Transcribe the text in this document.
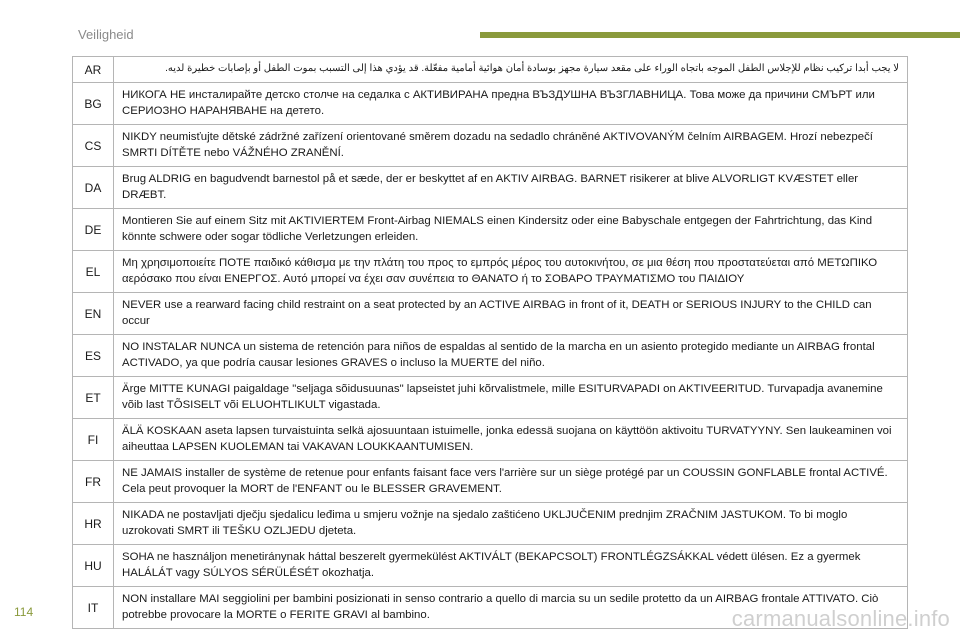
Veiligheid
AR	لا يجب أبدا تركيب نظام للإجلاس الطفل الموجه باتجاه الوراء على مقعد سيارة مجهز بوسادة أمان هوائية أمامية مفعّلة. قد يؤدي هذا إلى التسبب بموت الطفل أو بإصابات خطيرة لديه.
BG
НИКОГА НЕ инсталирайте детско столче на седалка с АКТИВИРАНА предна ВЪЗДУШНА ВЪЗГЛАВНИЦА. Това може да причини СМЪРТ или СЕРИОЗНО НАРАНЯВАНЕ на детето.
CS
NIKDY neumisťujte dětské zádržné zařízení orientované směrem dozadu na sedadlo chráněné AKTIVOVANÝM čelním AIRBAGEM. Hrozí nebezpečí SMRTI DÍTĚTE nebo VÁŽNÉHO ZRANĚNÍ.
DA
Brug ALDRIG en bagudvendt barnestol på et sæde, der er beskyttet af en AKTIV AIRBAG. BARNET risikerer at blive ALVORLIGT KVÆSTET eller DRÆBT.
DE
Montieren Sie auf einem Sitz mit AKTIVIERTEM Front-Airbag NIEMALS einen Kindersitz oder eine Babyschale entgegen der Fahrtrichtung, das Kind könnte schwere oder sogar tödliche Verletzungen erleiden.
EL
Μη χρησιμοποιείτε ΠΟΤΕ παιδικό κάθισμα με την πλάτη του προς το εμπρός μέρος του αυτοκινήτου, σε μια θέση που προστατεύεται από ΜΕΤΩΠΙΚΟ αερόσακο που είναι ΕΝΕΡΓΟΣ. Αυτό μπορεί να έχει σαν συνέπεια το ΘΑΝΑΤΟ ή το ΣΟΒΑΡΟ ΤΡΑΥΜΑΤΙΣΜΟ του ΠΑΙΔΙΟΥ
EN
NEVER use a rearward facing child restraint on a seat protected by an ACTIVE AIRBAG in front of it, DEATH or SERIOUS INJURY to the CHILD can occur
ES
NO INSTALAR NUNCA un sistema de retención para niños de espaldas al sentido de la marcha en un asiento protegido mediante un AIRBAG frontal ACTIVADO, ya que podría causar lesiones GRAVES o incluso la MUERTE del niño.
ET
Ärge MITTE KUNAGI paigaldage "seljaga sõidusuunas" lapseistet juhi kõrvalistmele, mille ESITURVAPADI on AKTIVEERITUD. Turvapadja avanemine võib last TÕSISELT või ELUOHTLIKULT vigastada.
FI
ÄLÄ KOSKAAN aseta lapsen turvaistuinta selkä ajosuuntaan istuimelle, jonka edessä suojana on käyttöön aktivoitu TURVATYYNY. Sen laukeaminen voi aiheuttaa LAPSEN KUOLEMAN tai VAKAVAN LOUKKAANTUMISEN.
FR
NE JAMAIS installer de système de retenue pour enfants faisant face vers l'arrière sur un siège protégé par un COUSSIN GONFLABLE frontal ACTIVÉ. Cela peut provoquer la MORT de l'ENFANT ou le BLESSER GRAVEMENT.
HR
NIKADA ne postavljati dječju sjedalicu leđima u smjeru vožnje na sjedalo zaštićeno UKLJUČENIM prednjim ZRAČNIM JASTUKOM. To bi moglo uzrokovati SMRT ili TEŠKU OZLJEDU djeteta.
HU
SOHA ne használjon menetiránynak háttal beszerelt gyermekülést AKTIVÁLT (BEKAPCSOLT) FRONTLÉGZSÁKKAL védett ülésen. Ez a gyermek HALÁLÁT vagy SÚLYOS SÉRÜLÉSÉT okozhatja.
IT
NON installare MAI seggiolini per bambini posizionati in senso contrario a quello di marcia su un sedile protetto da un AIRBAG frontale ATTIVATO. Ciò potrebbe provocare la MORTE o FERITE GRAVI al bambino.
114	carmanualsonline.info
